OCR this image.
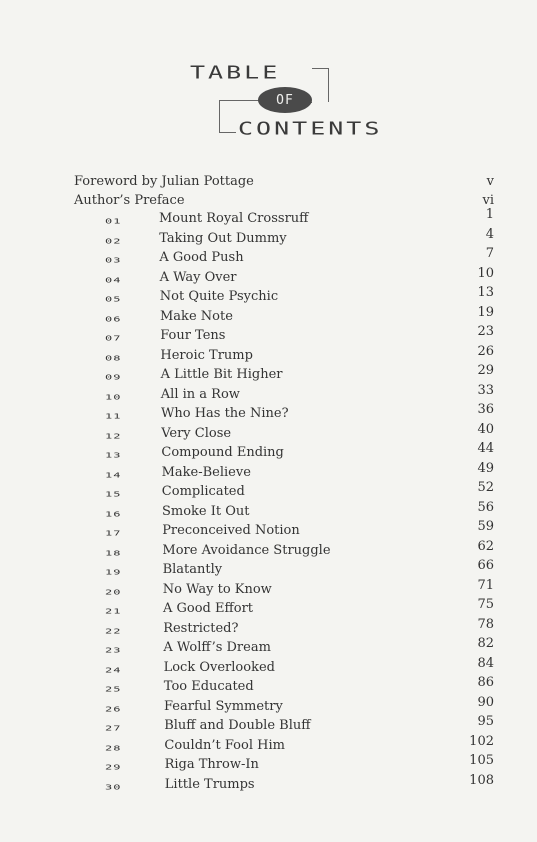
TABLE
OF
CONTENTS
Foreword by Julian Pottage	v
Author’s Preface	vi
01	Mount Royal Crossruff	1
02	Taking Out Dummy	4
03	A Good Push	7
04	A Way Over	10
05	Not Quite Psychic	13
06	Make Note	19
07	Four Tens	23
08	Heroic Trump	26
09	A Little Bit Higher	29
10	All in a Row	33
11	Who Has the Nine?	36
12	Very Close	40
13	Compound Ending	44
14	Make-Believe	49
15	Complicated	52
16	Smoke It Out	56
17	Preconceived Notion	59
18	More Avoidance Struggle	62
19	Blatantly	66
20	No Way to Know	71
21	A Good Effort	75
22	Restricted?	78
23	A Wolff’s Dream	82
24	Lock Overlooked	84
25	Too Educated	86
26	Fearful Symmetry	90
27	Bluff and Double Bluff	95
28	Couldn’t Fool Him	102
29	Riga Throw-In	105
30	Little Trumps	108
